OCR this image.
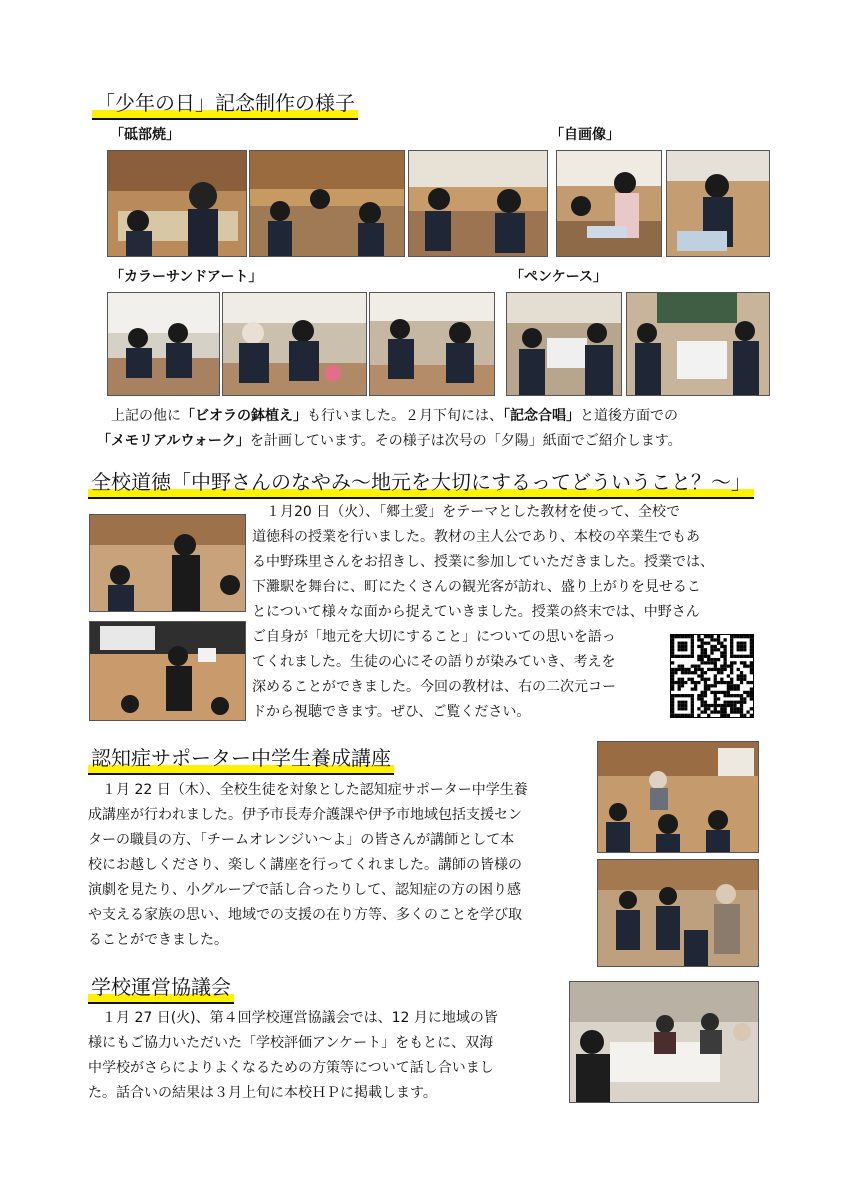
「少年の日」記念制作の様子
「砥部焼」	「自画像」
「カラーサンドアート」	「ペンケース」

上記の他に「ビオラの鉢植え」も行いました。２月下旬には、「記念合唱」と道後方面での

「メモリアルウォーク」を計画しています。その様子は次号の「夕陽」紙面でご紹介します。

全校道徳「中野さんのなやみ～地元を大切にするってどういうこと？～」

１月20 日（火）、「郷土愛」をテーマとした教材を使って、全校で

道徳科の授業を行いました。教材の主人公であり、本校の卒業生でもあ

る中野珠里さんをお招きし、授業に参加していただきました。授業では、

下灘駅を舞台に、町にたくさんの観光客が訪れ、盛り上がりを見せるこ

とについて様々な面から捉えていきました。授業の終末では、中野さん

ご自身が「地元を大切にすること」についての思いを語っ

てくれました。生徒の心にその語りが染みていき、考えを

深めることができました。今回の教材は、右の二次元コー

ドから視聴できます。ぜひ、ご覧ください。

認知症サポーター中学生養成講座

１月 22 日（木）、全校生徒を対象とした認知症サポーター中学生養

成講座が行われました。伊予市長寿介護課や伊予市地域包括支援セン

ターの職員の方、「チームオレンジい～よ」の皆さんが講師として本

校にお越しくださり、楽しく講座を行ってくれました。講師の皆様の

演劇を見たり、小グループで話し合ったりして、認知症の方の困り感

や支える家族の思い、地域での支援の在り方等、多くのことを学び取

ることができました。

学校運営協議会

１月 27 日(火)、第４回学校運営協議会では、12 月に地域の皆

様にもご協力いただいた「学校評価アンケート」をもとに、双海

中学校がさらによりよくなるための方策等について話し合いまし

た。話合いの結果は３月上旬に本校ＨＰに掲載します。
